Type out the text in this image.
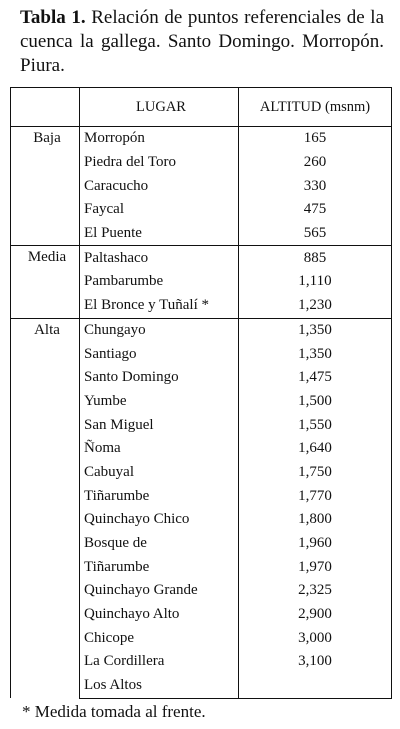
Tabla 1. Relación de puntos referenciales de la cuenca la gallega. Santo Domingo. Morropón. Piura.
	LUGAR	ALTITUD (msnm)
Baja	Morropón	165
	Piedra del Toro	260
	Caracucho	330
	Faycal	475
	El Puente	565
Media	Paltashaco	885
	Pambarumbe	1,110
	El Bronce y Tuñalí *	1,230
Alta	Chungayo	1,350
	Santiago	1,350
	Santo Domingo	1,475
	Yumbe	1,500
	San Miguel	1,550
	Ñoma	1,640
	Cabuyal	1,750
	Tiñarumbe	1,770
	Quinchayo Chico	1,800
	Bosque de	1,960
	Tiñarumbe	1,970
	Quinchayo Grande	2,325
	Quinchayo Alto	2,900
	Chicope	3,000
	La Cordillera	3,100
	Los Altos	
* Medida tomada al frente.
